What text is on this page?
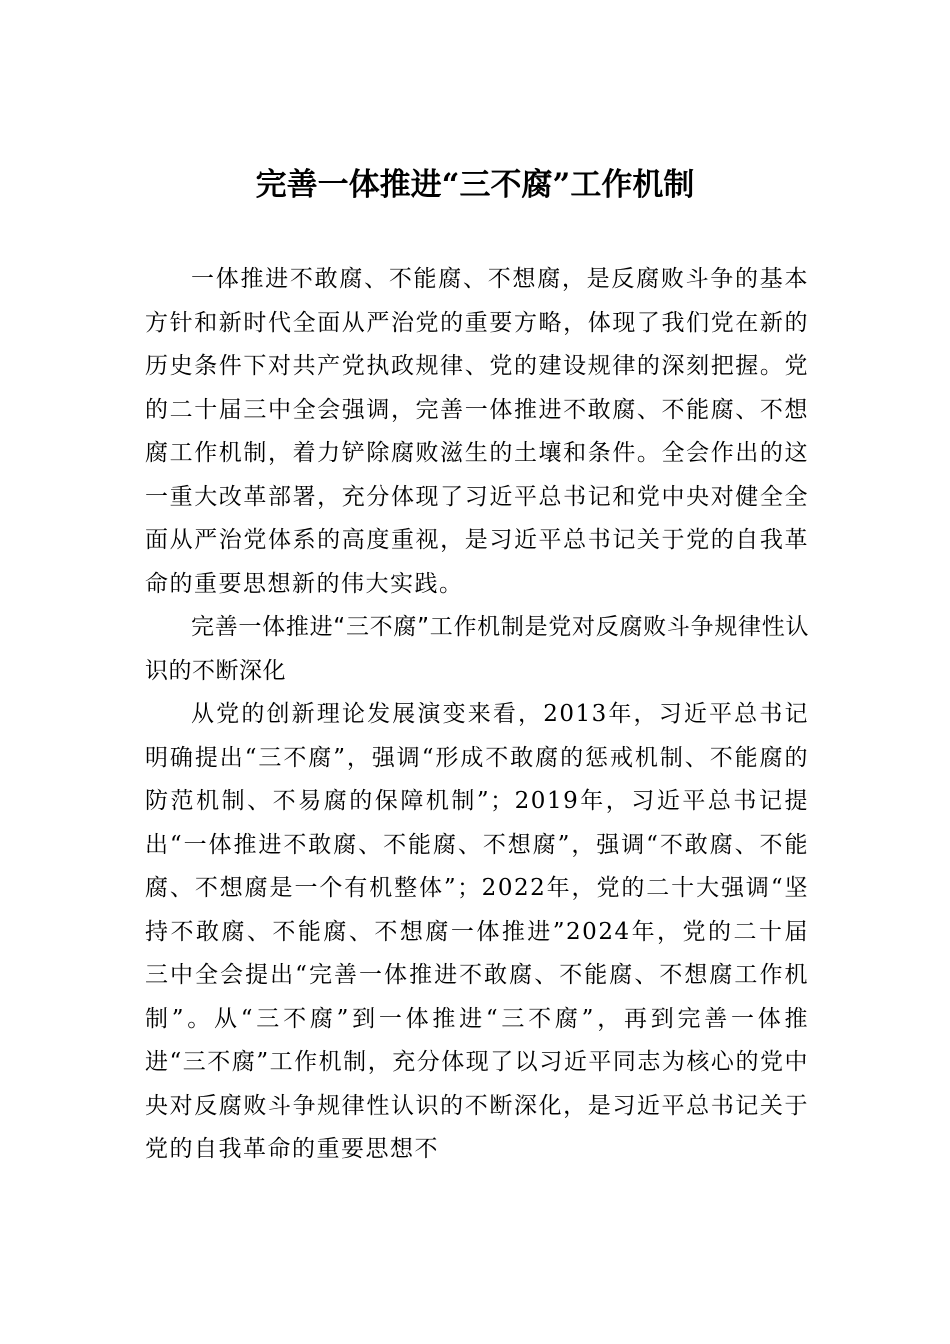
完善一体推进“三不腐”工作机制

一体推进不敢腐、不能腐、不想腐，是反腐败斗争的基本方针和新时代全面从严治党的重要方略，体现了我们党在新的历史条件下对共产党执政规律、党的建设规律的深刻把握。党的二十届三中全会强调，完善一体推进不敢腐、不能腐、不想腐工作机制，着力铲除腐败滋生的土壤和条件。全会作出的这一重大改革部署，充分体现了习近平总书记和党中央对健全全面从严治党体系的高度重视，是习近平总书记关于党的自我革命的重要思想新的伟大实践。

完善一体推进“三不腐”工作机制是党对反腐败斗争规律性认识的不断深化

从党的创新理论发展演变来看，2013年，习近平总书记明确提出“三不腐”，强调“形成不敢腐的惩戒机制、不能腐的防范机制、不易腐的保障机制”；2019年，习近平总书记提出“一体推进不敢腐、不能腐、不想腐”，强调“不敢腐、不能腐、不想腐是一个有机整体”；2022年，党的二十大强调“坚持不敢腐、不能腐、不想腐一体推进”2024年，党的二十届三中全会提出“完善一体推进不敢腐、不能腐、不想腐工作机制”。从“三不腐”到一体推进“三不腐”，再到完善一体推进“三不腐”工作机制，充分体现了以习近平同志为核心的党中央对反腐败斗争规律性认识的不断深化，是习近平总书记关于党的自我革命的重要思想不
